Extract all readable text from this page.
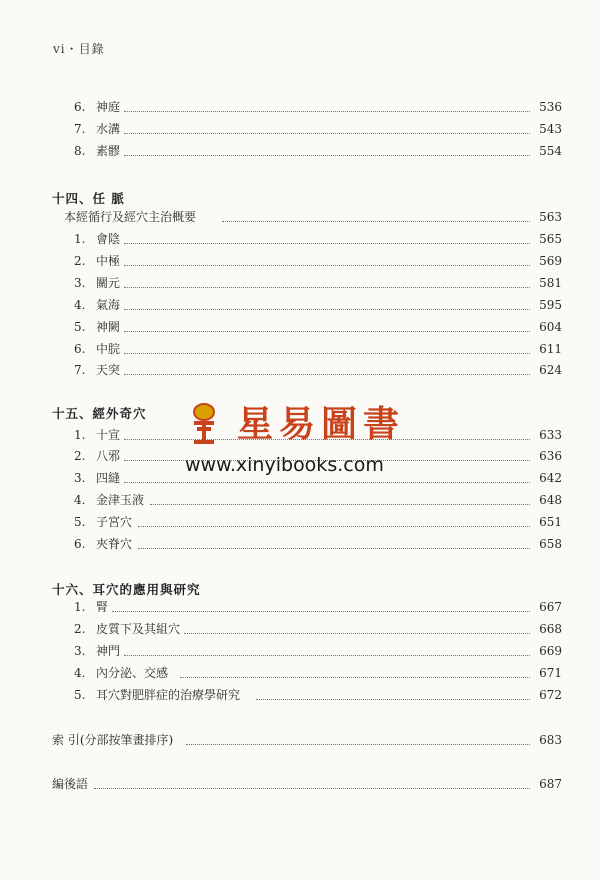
vi・目錄
6. 神庭	536
7. 水溝	543
8. 素髎	554
十四、任 脈
本經循行及經穴主治概要	563
1. 會陰	565
2. 中極	569
3. 關元	581
4. 氣海	595
5. 神闕	604
6. 中脘	611
7. 天突	624
十五、經外奇穴
1. 十宣	633
2. 八邪	636
3. 四縫	642
4. 金津玉液	648
5. 子宮穴	651
6. 夾脊穴	658
十六、耳穴的應用與研究
1. 腎	667
2. 皮質下及其組穴	668
3. 神門	669
4. 內分泌、交感	671
5. 耳穴對肥胖症的治療學研究	672
索 引(分部按筆畫排序)	683
編後語	687
星易圖書
www.xinyibooks.com
